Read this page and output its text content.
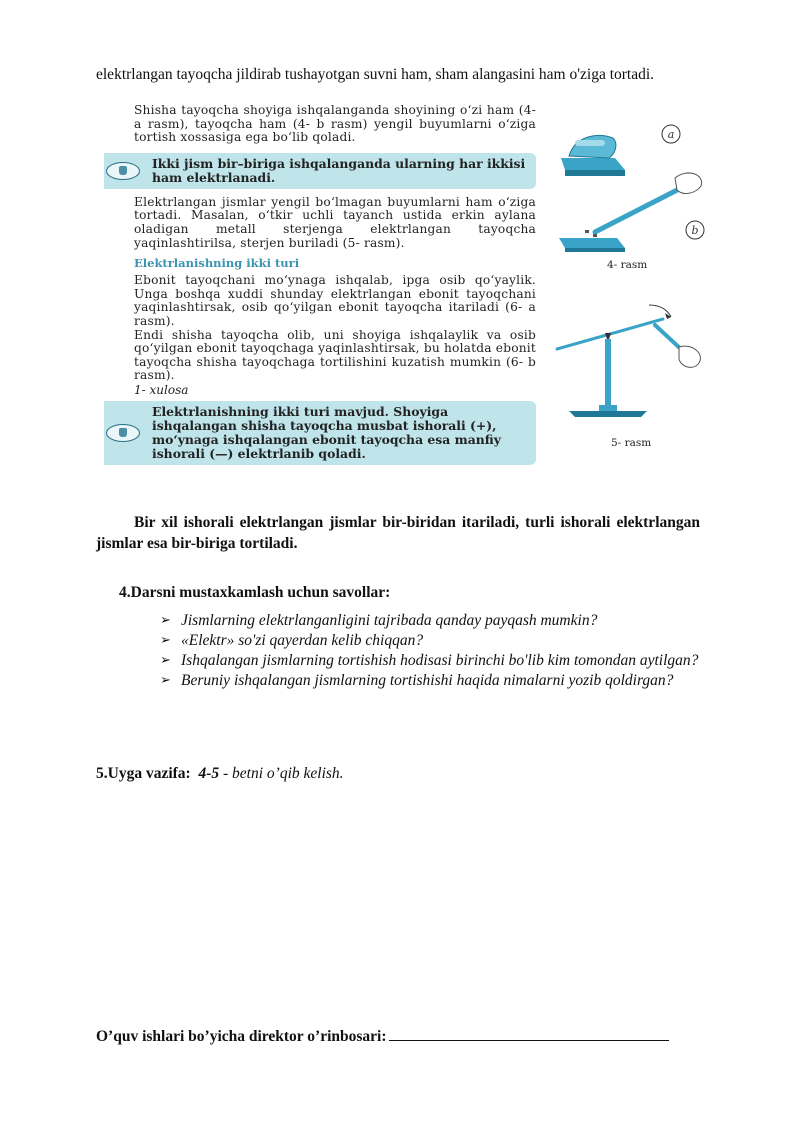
elektrlangan tayoqcha jildirab tushayotgan suvni ham, sham alangasini ham o'ziga tortadi.

Shisha tayoqcha shoyiga ishqalanganda shoyining o‘zi ham (4- a rasm), tayoqcha ham (4- b rasm) yengil buyumlarni o‘ziga tortish xossasiga ega bo‘lib qoladi.

Ikki jism bir–biriga ishqalanganda ularning har ikkisi ham elektrlanadi.

Elektrlangan jismlar yengil bo‘lmagan buyumlarni ham o‘ziga tortadi. Masalan, o‘tkir uchli tayanch ustida erkin aylana oladigan metall sterjenga elektrlangan tayoqcha yaqinlashtirilsa, sterjen buriladi (5- rasm).

Elektrlanishning ikki turi

Ebonit tayoqchani mo‘ynaga ishqalab, ipga osib qo‘yaylik. Unga boshqa xuddi shunday elektrlangan ebonit tayoqchani yaqinlashtirsak, osib qo‘yilgan ebonit tayoqcha itariladi (6- a rasm).

Endi shisha tayoqcha olib, uni shoyiga ishqalaylik va osib qo‘yilgan ebonit tayoqchaga yaqinlashtirsak, bu holatda ebonit tayoqcha shisha tayoqchaga tortilishini kuzatish mumkin (6- b rasm).

1- xulosa
Elektrlanishning ikki turi mavjud. Shoyiga ishqalangan shisha tayoqcha musbat ishorali (+), mo‘ynaga ishqalangan ebonit tayoqcha esa manfiy ishorali (—) elektrlanib qoladi.
a
b
4- rasm
5- rasm
Bir xil ishorali elektrlangan jismlar bir-biridan itariladi, turli ishorali elektrlangan jismlar esa bir-biriga tortiladi.
4.Darsni mustaxkamlash uchun savollar:
➢ Jismlarning elektrlanganligini tajribada qanday payqash mumkin?
➢ «Elektr» so'zi qayerdan kelib chiqqan?
➢ Ishqalangan jismlarning tortishish hodisasi birinchi bo'lib kim tomondan aytilgan?
➢ Beruniy ishqalangan jismlarning tortishishi haqida nimalarni yozib qoldirgan?
5.Uyga vazifa: 4-5 - betni o’qib kelish.
O’quv ishlari bo’yicha direktor o’rinbosari:
